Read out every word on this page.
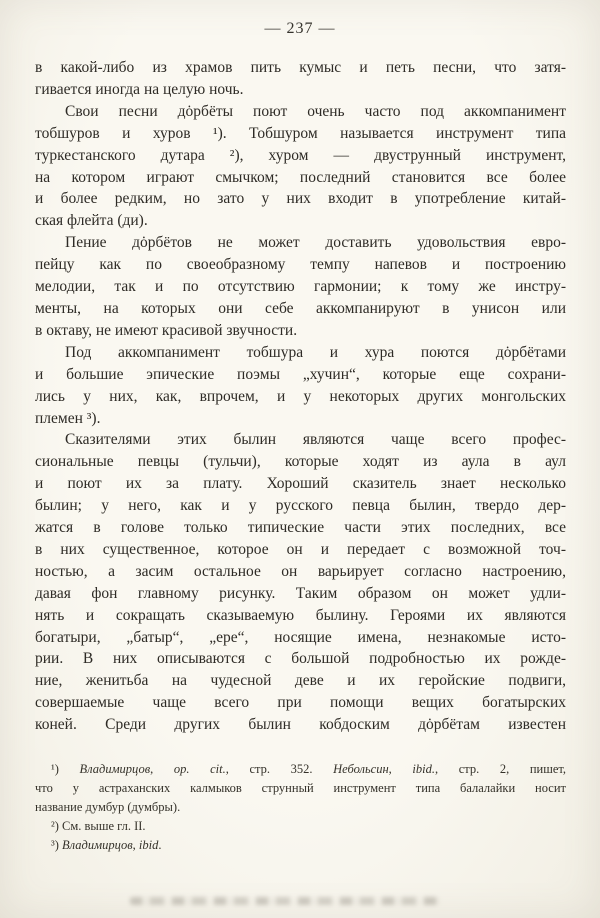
— 237 —
в какой-либо из храмов пить кумыс и петь песни, что затя-
гивается иногда на целую ночь.
Свои песни дȯрбёты поют очень часто под аккомпанимент
тобшуров и хуров ¹). Тобшуром называется инструмент типа
туркестанского дутара ²), хуром — двуструнный инструмент,
на котором играют смычком; последний становится все более
и более редким, но зато у них входит в употребление китай-
ская флейта (ди).
Пение дȯрбётов не может доставить удовольствия евро-
пейцу как по своеобразному темпу напевов и построению
мелодии, так и по отсутствию гармонии; к тому же инстру-
менты, на которых они себе аккомпанируют в унисон или
в октаву, не имеют красивой звучности.
Под аккомпанимент тобшура и хура поются дȯрбётами
и большие эпические поэмы „хучин“, которые еще сохрани-
лись у них, как, впрочем, и у некоторых других монгольских
племен ³).
Сказителями этих былин являются чаще всего профес-
сиональные певцы (тульчи), которые ходят из аула в аул
и поют их за плату. Хороший сказитель знает несколько
былин; у него, как и у русского певца былин, твердо дер-
жатся в голове только типические части этих последних, все
в них существенное, которое он и передает с возможной точ-
ностью, а засим остальное он варьирует согласно настроению,
давая фон главному рисунку. Таким образом он может удли-
нять и сокращать сказываемую былину. Героями их являются
богатыри, „батыр“, „ере“, носящие имена, незнакомые исто-
рии. В них описываются с большой подробностью их рожде-
ние, женитьба на чудесной деве и их геройские подвиги,
совершаемые чаще всего при помощи вещих богатырских
коней. Среди других былин кобдоским дȯрбётам известен
¹) Владимирцов, op. cit., стр. 352. Небольсин, ibid., стр. 2, пишет,
что у астраханских калмыков струнный инструмент типа балалайки носит
название думбур (думбры).
²) См. выше гл. II.
³) Владимирцов, ibid.
